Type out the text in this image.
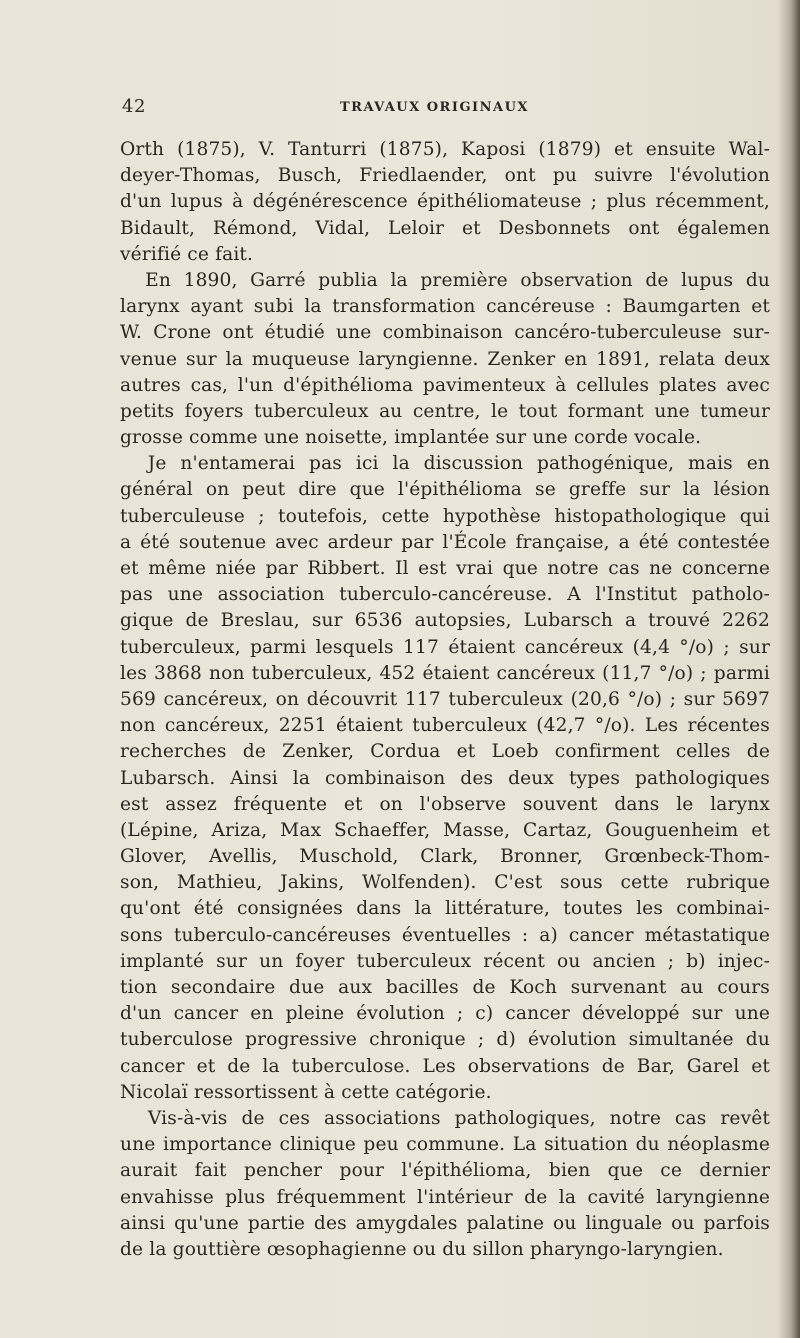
42	TRAVAUX ORIGINAUX
Orth (1875), V. Tanturri (1875), Kaposi (1879) et ensuite Wal-
deyer-Thomas, Busch, Friedlaender, ont pu suivre l'évolution
d'un lupus à dégénérescence épithéliomateuse ; plus récemment,
Bidault, Rémond, Vidal, Leloir et Desbonnets ont égalemen
vérifié ce fait.
En 1890, Garré publia la première observation de lupus du
larynx ayant subi la transformation cancéreuse : Baumgarten et
W. Crone ont étudié une combinaison cancéro-tuberculeuse sur-
venue sur la muqueuse laryngienne. Zenker en 1891, relata deux
autres cas, l'un d'épithélioma pavimenteux à cellules plates avec
petits foyers tuberculeux au centre, le tout formant une tumeur
grosse comme une noisette, implantée sur une corde vocale.
Je n'entamerai pas ici la discussion pathogénique, mais en
général on peut dire que l'épithélioma se greffe sur la lésion
tuberculeuse ; toutefois, cette hypothèse histopathologique qui
a été soutenue avec ardeur par l'École française, a été contestée
et même niée par Ribbert. Il est vrai que notre cas ne concerne
pas une association tuberculo-cancéreuse. A l'Institut patholo-
gique de Breslau, sur 6536 autopsies, Lubarsch a trouvé 2262
tuberculeux, parmi lesquels 117 étaient cancéreux (4,4 °/o) ; sur
les 3868 non tuberculeux, 452 étaient cancéreux (11,7 °/o) ; parmi
569 cancéreux, on découvrit 117 tuberculeux (20,6 °/o) ; sur 5697
non cancéreux, 2251 étaient tuberculeux (42,7 °/o). Les récentes
recherches de Zenker, Cordua et Loeb confirment celles de
Lubarsch. Ainsi la combinaison des deux types pathologiques
est assez fréquente et on l'observe souvent dans le larynx
(Lépine, Ariza, Max Schaeffer, Masse, Cartaz, Gouguenheim et
Glover, Avellis, Muschold, Clark, Bronner, Grœnbeck-Thom-
son, Mathieu, Jakins, Wolfenden). C'est sous cette rubrique
qu'ont été consignées dans la littérature, toutes les combinai-
sons tuberculo-cancéreuses éventuelles : a) cancer métastatique
implanté sur un foyer tuberculeux récent ou ancien ; b) injec-
tion secondaire due aux bacilles de Koch survenant au cours
d'un cancer en pleine évolution ; c) cancer développé sur une
tuberculose progressive chronique ; d) évolution simultanée du
cancer et de la tuberculose. Les observations de Bar, Garel et
Nicolaï ressortissent à cette catégorie.
Vis-à-vis de ces associations pathologiques, notre cas revêt
une importance clinique peu commune. La situation du néoplasme
aurait fait pencher pour l'épithélioma, bien que ce dernier
envahisse plus fréquemment l'intérieur de la cavité laryngienne
ainsi qu'une partie des amygdales palatine ou linguale ou parfois
de la gouttière œsophagienne ou du sillon pharyngo-laryngien.
